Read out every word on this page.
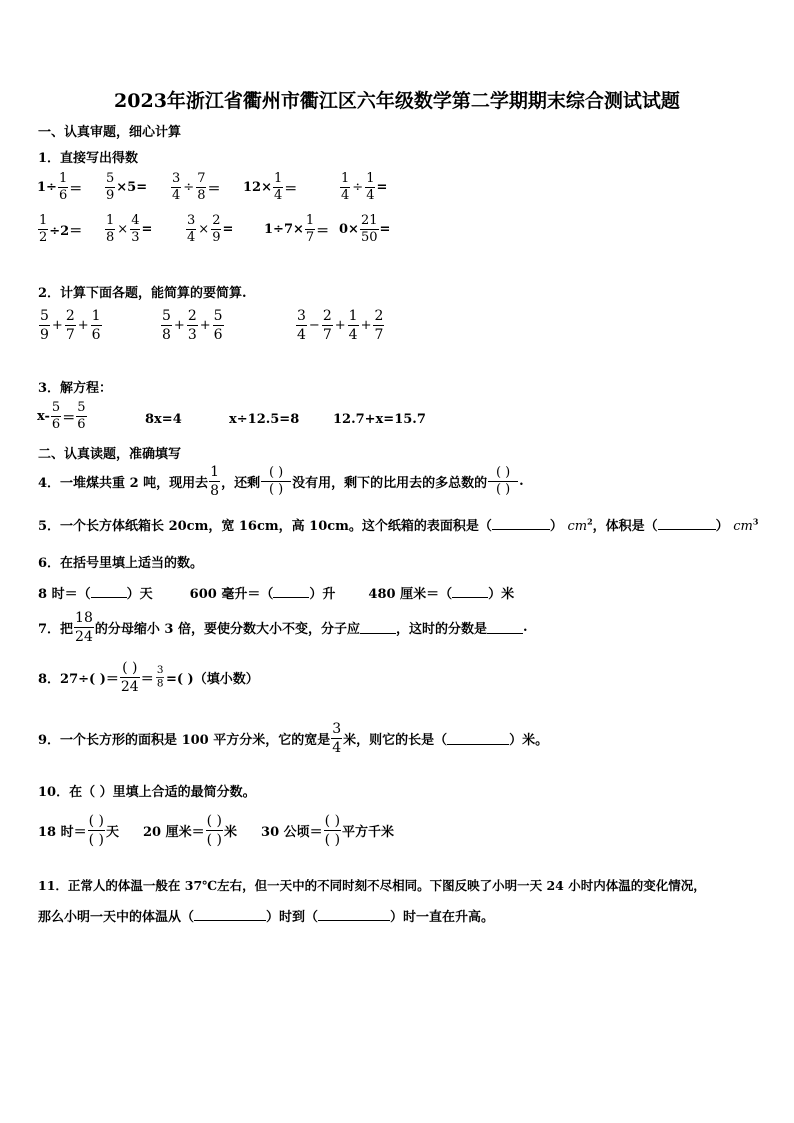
2023年浙江省衢州市衢江区六年级数学第二学期期末综合测试试题
一、认真审题，细心计算
1．直接写出得数
$1\div \frac{1}{6} = \frac{5}{9} \times 5= \frac{3}{4} \div \frac{7}{8} = 12\times \frac{1}{4}$ ＝	$\frac{1}{4} \div \frac{1}{4}$ =
$\frac{1}{2} \div 2= \frac{1}{8} \times \frac{4}{3}$ =	$\frac{3}{4} \times \frac{2}{9} = 1\div 7\times \frac{1}{7} = 0\times \frac{21}{50}$ =
2．计算下面各题，能简算的要简算.
$\frac{5}{9} + \frac{2}{7} + \frac{1}{6}$	$\frac{5}{8} + \frac{2}{3} + \frac{5}{6}$	$\frac{3}{4} - \frac{2}{7} + \frac{1}{4} + \frac{2}{7}$
3．解方程：
$x- \frac{5}{6} = \frac{5}{6}$	8x=4	x÷12.5=8	12.7+x=15.7
二、认真读题，准确填写
4．一堆煤共重 2 吨，现用去 $\frac{1}{8}$ ，还剩 $\frac{( )}{( )}$ 没有用，剩下的比用去的多总数的 $\frac{( )}{( )}$ .
5．一个长方体纸箱长 20cm，宽 16cm，高 10cm。这个纸箱的表面积是（	） $cm^2$，体积是（	） $cm^3$
6．在括号里填上适当的数。
8 时＝（	）天	600 毫升＝（	）升	480 厘米＝（	）米
7．把 $\frac{18}{24}$ 的分母缩小 3 倍，要使分数大小不变，分子应	，这时的分数是	.
8．27÷( )＝ $\frac{( )}{24} = \frac{3}{8}$ =( )（填小数）
9．一个长方形的面积是 100 平方分米，它的宽是 $\frac{3}{4}$ 米，则它的长是（	）米。
10．在（ ）里填上合适的最简分数。
18 时＝ $\frac{( )}{( )}$ 天 20 厘米＝ $\frac{( )}{( )}$ 米 30 公顷＝ $\frac{( )}{( )}$ 平方千米
11．正常人的体温一般在 37℃左右，但一天中的不同时刻不尽相同。下图反映了小明一天 24 小时内体温的变化情况，
那么小明一天中的体温从（	）时到（	）时一直在升高。
